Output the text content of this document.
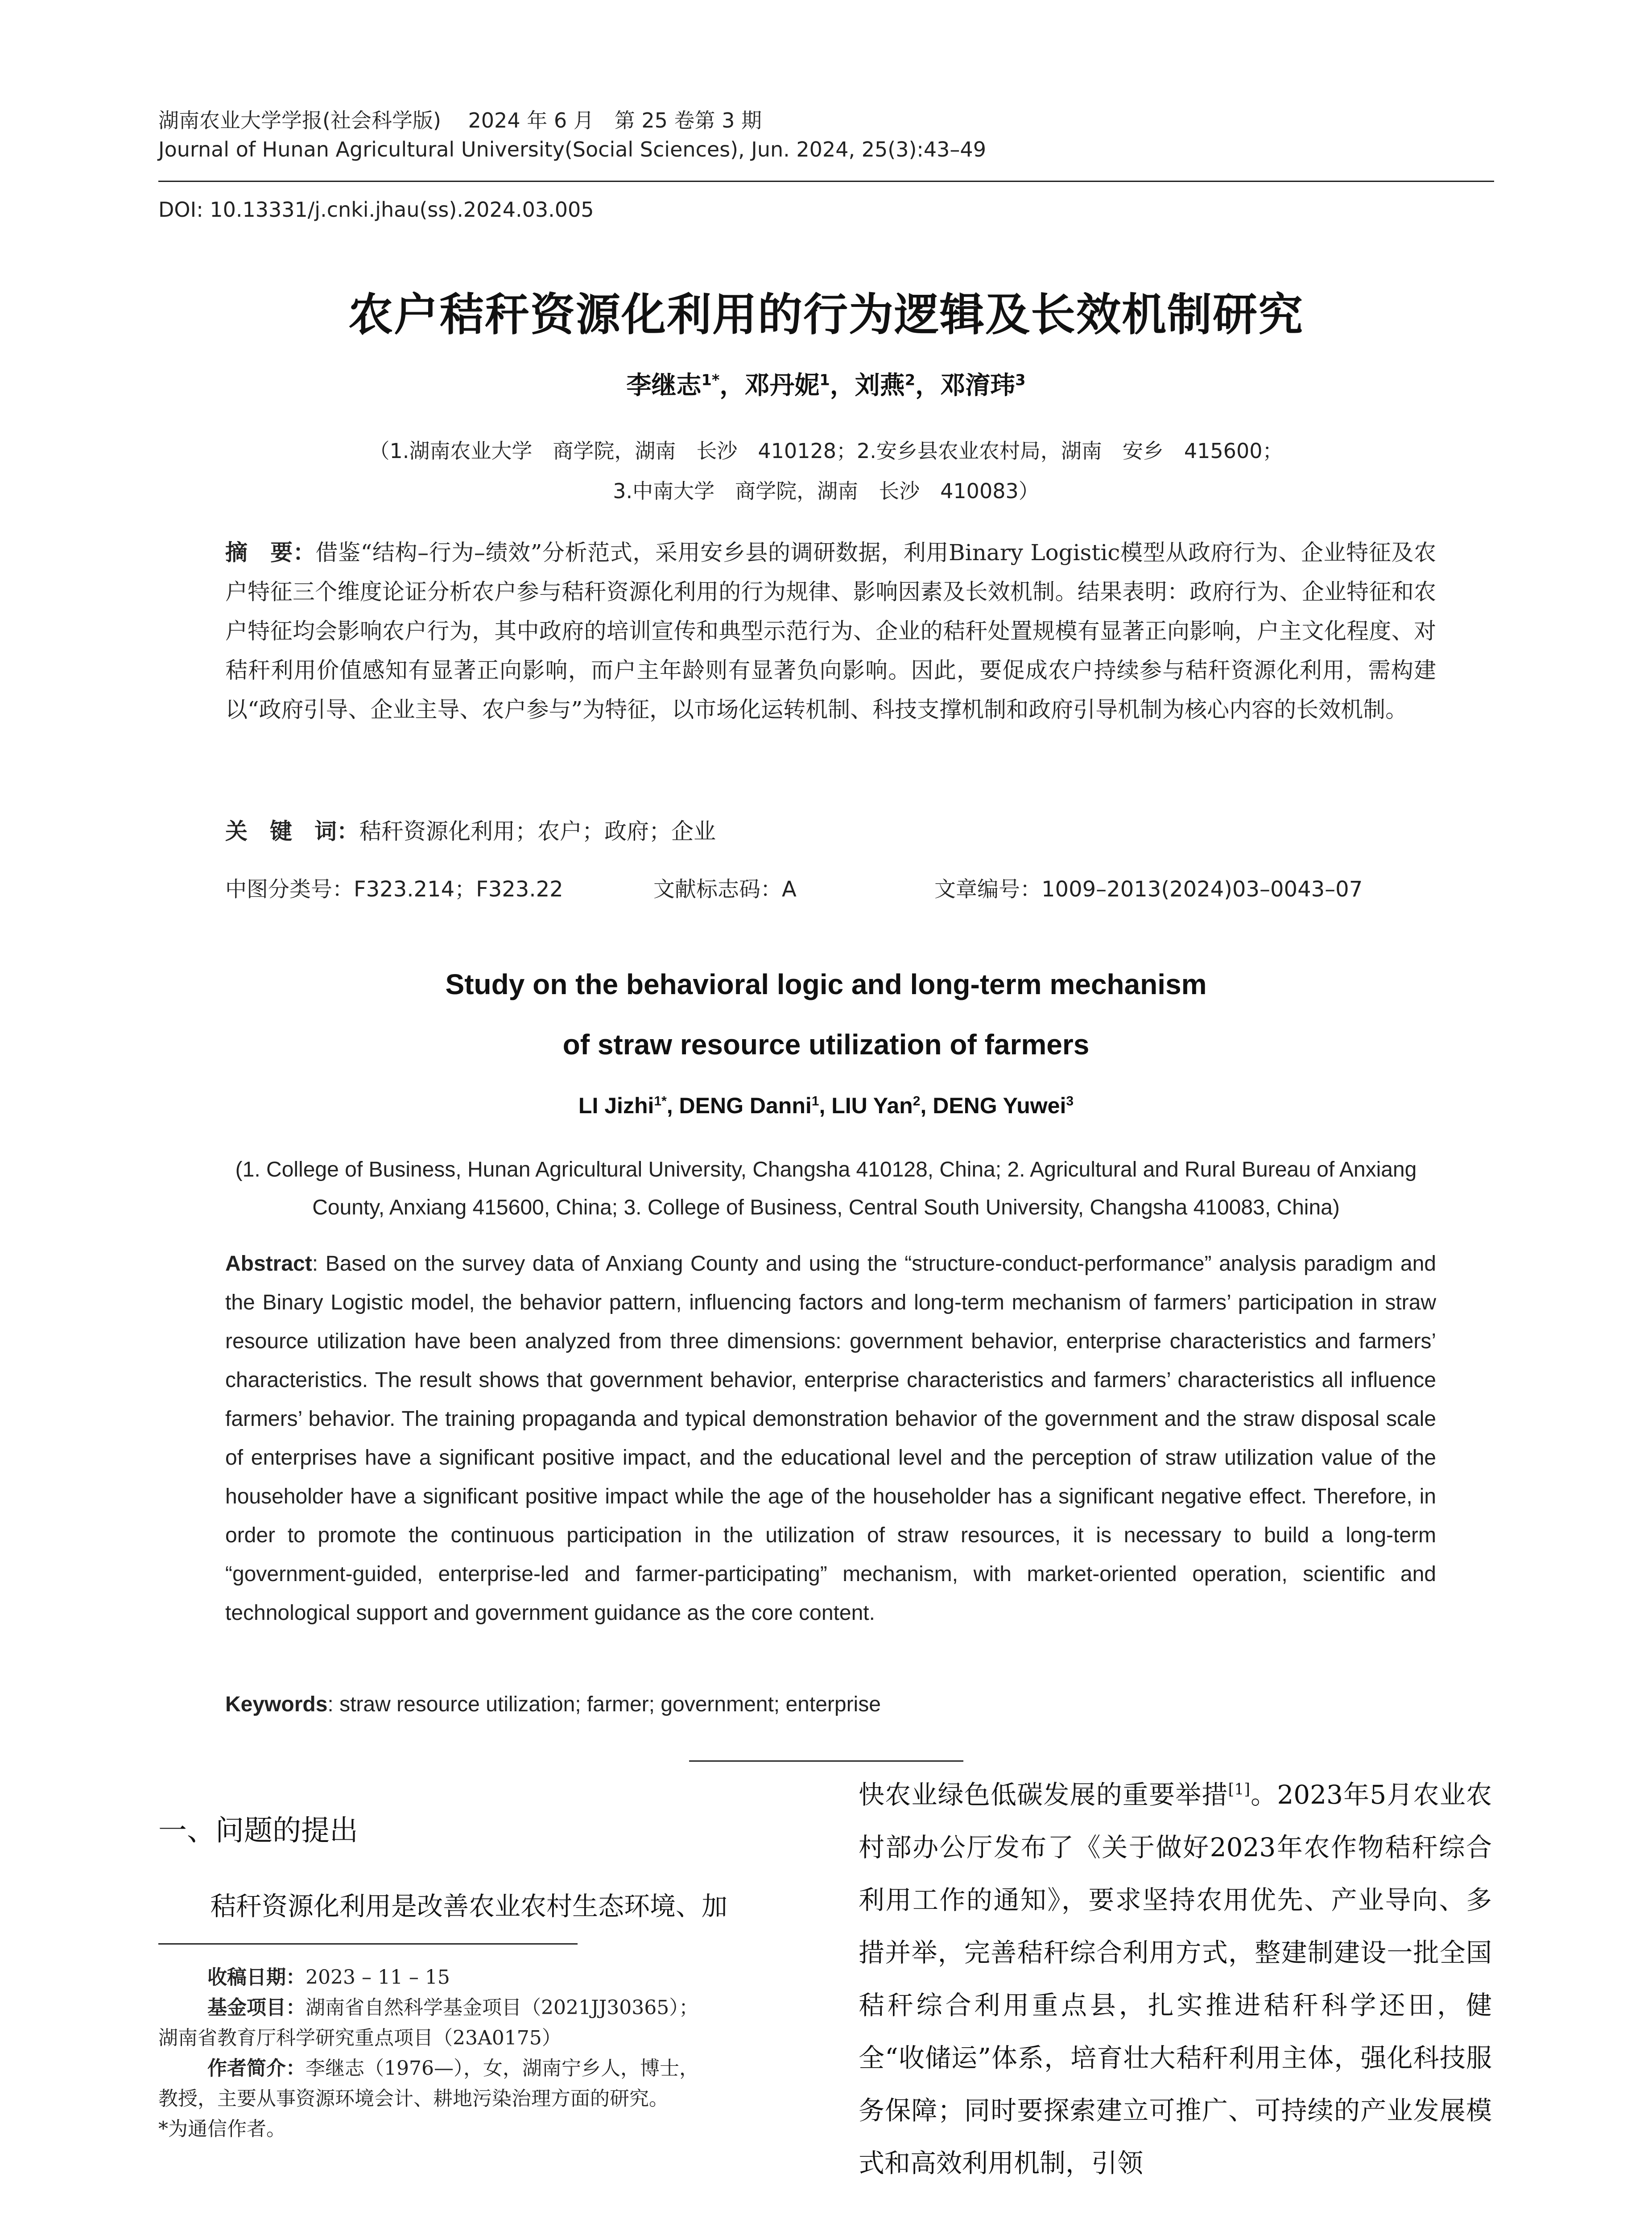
湖南农业大学学报(社会科学版)　 2024 年 6 月　第 25 卷第 3 期
Journal of Hunan Agricultural University(Social Sciences), Jun. 2024, 25(3):43–49
DOI: 10.13331/j.cnki.jhau(ss).2024.03.005
农户秸秆资源化利用的行为逻辑及长效机制研究
李继志$^{1*}$，邓丹妮$^1$，刘燕$^2$，邓淯玮$^3$
（1.湖南农业大学　商学院，湖南　长沙　410128；2.安乡县农业农村局，湖南　安乡　415600；
3.中南大学　商学院，湖南　长沙　410083）
摘　要：借鉴“结构–行为–绩效”分析范式，采用安乡县的调研数据，利用Binary Logistic模型从政府行为、企业特征及农户特征三个维度论证分析农户参与秸秆资源化利用的行为规律、影响因素及长效机制。结果表明：政府行为、企业特征和农户特征均会影响农户行为，其中政府的培训宣传和典型示范行为、企业的秸秆处置规模有显著正向影响，户主文化程度、对秸秆利用价值感知有显著正向影响，而户主年龄则有显著负向影响。因此，要促成农户持续参与秸秆资源化利用，需构建以“政府引导、企业主导、农户参与”为特征，以市场化运转机制、科技支撑机制和政府引导机制为核心内容的长效机制。
关　键　词：秸秆资源化利用；农户；政府；企业
中图分类号：F323.214；F323.22	文献标志码：A	文章编号：1009–2013(2024)03–0043–07
Study on the behavioral logic and long-term mechanism
of straw resource utilization of farmers
LI Jizhi$^{1*}$, DENG Danni$^1$, LIU Yan$^2$, DENG Yuwei$^3$
(1. College of Business, Hunan Agricultural University, Changsha 410128, China; 2. Agricultural and Rural Bureau of Anxiang
County, Anxiang 415600, China; 3. College of Business, Central South University, Changsha 410083, China)
Abstract: Based on the survey data of Anxiang County and using the “structure-conduct-performance” analysis paradigm and the Binary Logistic model, the behavior pattern, influencing factors and long-term mechanism of farmers’ participation in straw resource utilization have been analyzed from three dimensions: government behavior, enterprise characteristics and farmers’ characteristics. The result shows that government behavior, enterprise characteristics and farmers’ characteristics all influence farmers’ behavior. The training propaganda and typical demonstration behavior of the government and the straw disposal scale of enterprises have a significant positive impact, and the educational level and the perception of straw utilization value of the householder have a significant positive impact while the age of the householder has a significant negative effect. Therefore, in order to promote the continuous participation in the utilization of straw resources, it is necessary to build a long-term “government-guided, enterprise-led and farmer-participating” mechanism, with market-oriented operation, scientific and technological support and government guidance as the core content.
Keywords: straw resource utilization; farmer; government; enterprise
一、问题的提出
秸秆资源化利用是改善农业农村生态环境、加
收稿日期：2023 – 11 – 15
基金项目：湖南省自然科学基金项目（2021JJ30365）；
湖南省教育厅科学研究重点项目（23A0175）
作者简介：李继志（1976—），女，湖南宁乡人，博士，
教授，主要从事资源环境会计、耕地污染治理方面的研究。
*为通信作者。
快农业绿色低碳发展的重要举措[1]。2023年5月农业农村部办公厅发布了《关于做好2023年农作物秸秆综合利用工作的通知》，要求坚持农用优先、产业导向、多措并举，完善秸秆综合利用方式，整建制建设一批全国秸秆综合利用重点县，扎实推进秸秆科学还田，健全“收储运”体系，培育壮大秸秆利用主体，强化科技服务保障；同时要探索建立可推广、可持续的产业发展模式和高效利用机制，引领
